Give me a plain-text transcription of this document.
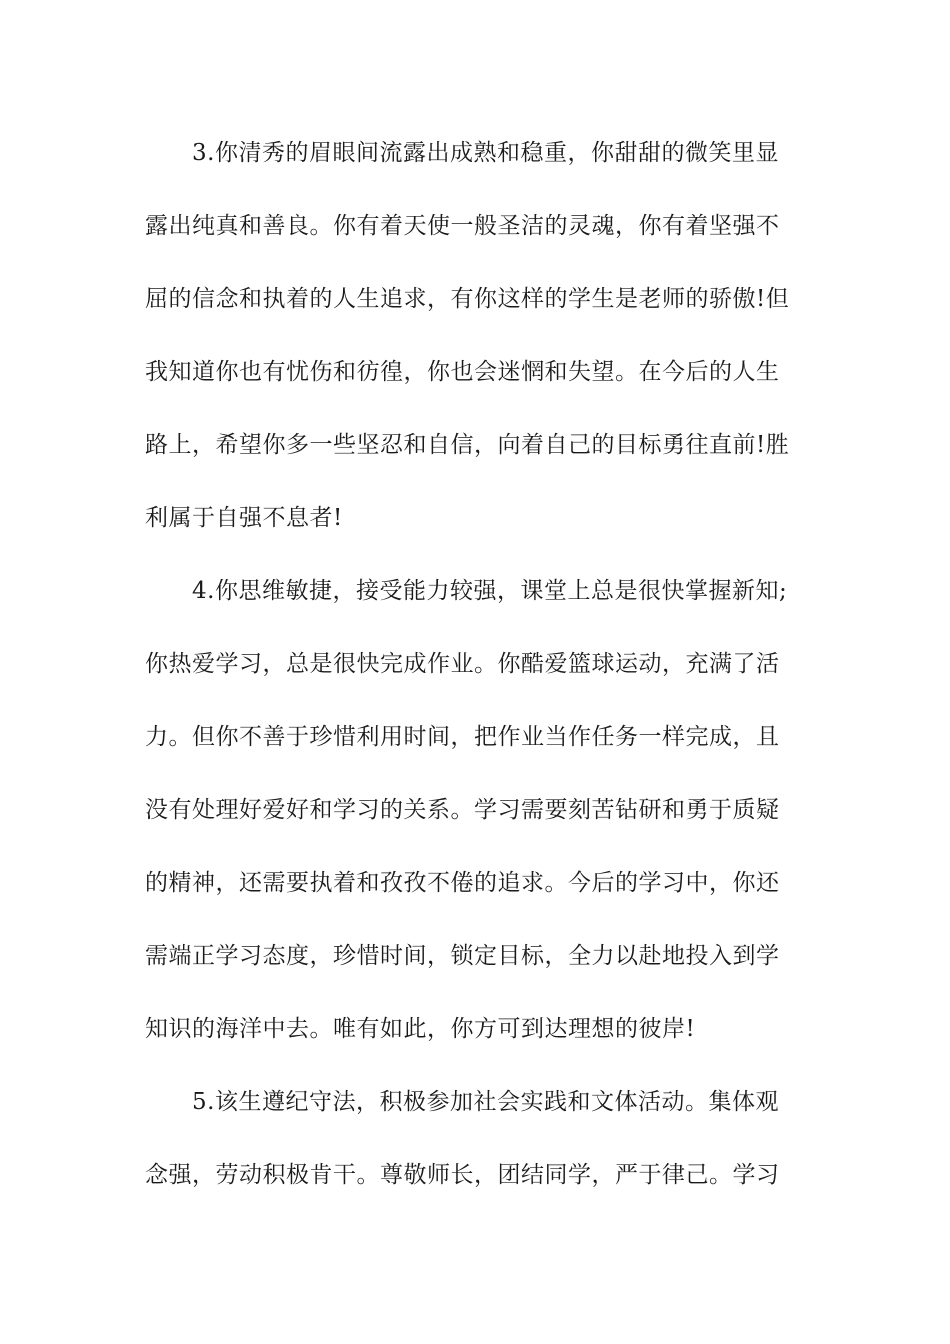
3.你清秀的眉眼间流露出成熟和稳重，你甜甜的微笑里显
露出纯真和善良。你有着天使一般圣洁的灵魂，你有着坚强不
屈的信念和执着的人生追求，有你这样的学生是老师的骄傲!但
我知道你也有忧伤和彷徨，你也会迷惘和失望。在今后的人生
路上，希望你多一些坚忍和自信，向着自己的目标勇往直前!胜
利属于自强不息者!
4.你思维敏捷，接受能力较强，课堂上总是很快掌握新知;
你热爱学习，总是很快完成作业。你酷爱篮球运动，充满了活
力。但你不善于珍惜利用时间，把作业当作任务一样完成，且
没有处理好爱好和学习的关系。学习需要刻苦钻研和勇于质疑
的精神，还需要执着和孜孜不倦的追求。今后的学习中，你还
需端正学习态度，珍惜时间，锁定目标，全力以赴地投入到学
知识的海洋中去。唯有如此，你方可到达理想的彼岸!
5.该生遵纪守法，积极参加社会实践和文体活动。集体观
念强，劳动积极肯干。尊敬师长，团结同学，严于律己。学习
